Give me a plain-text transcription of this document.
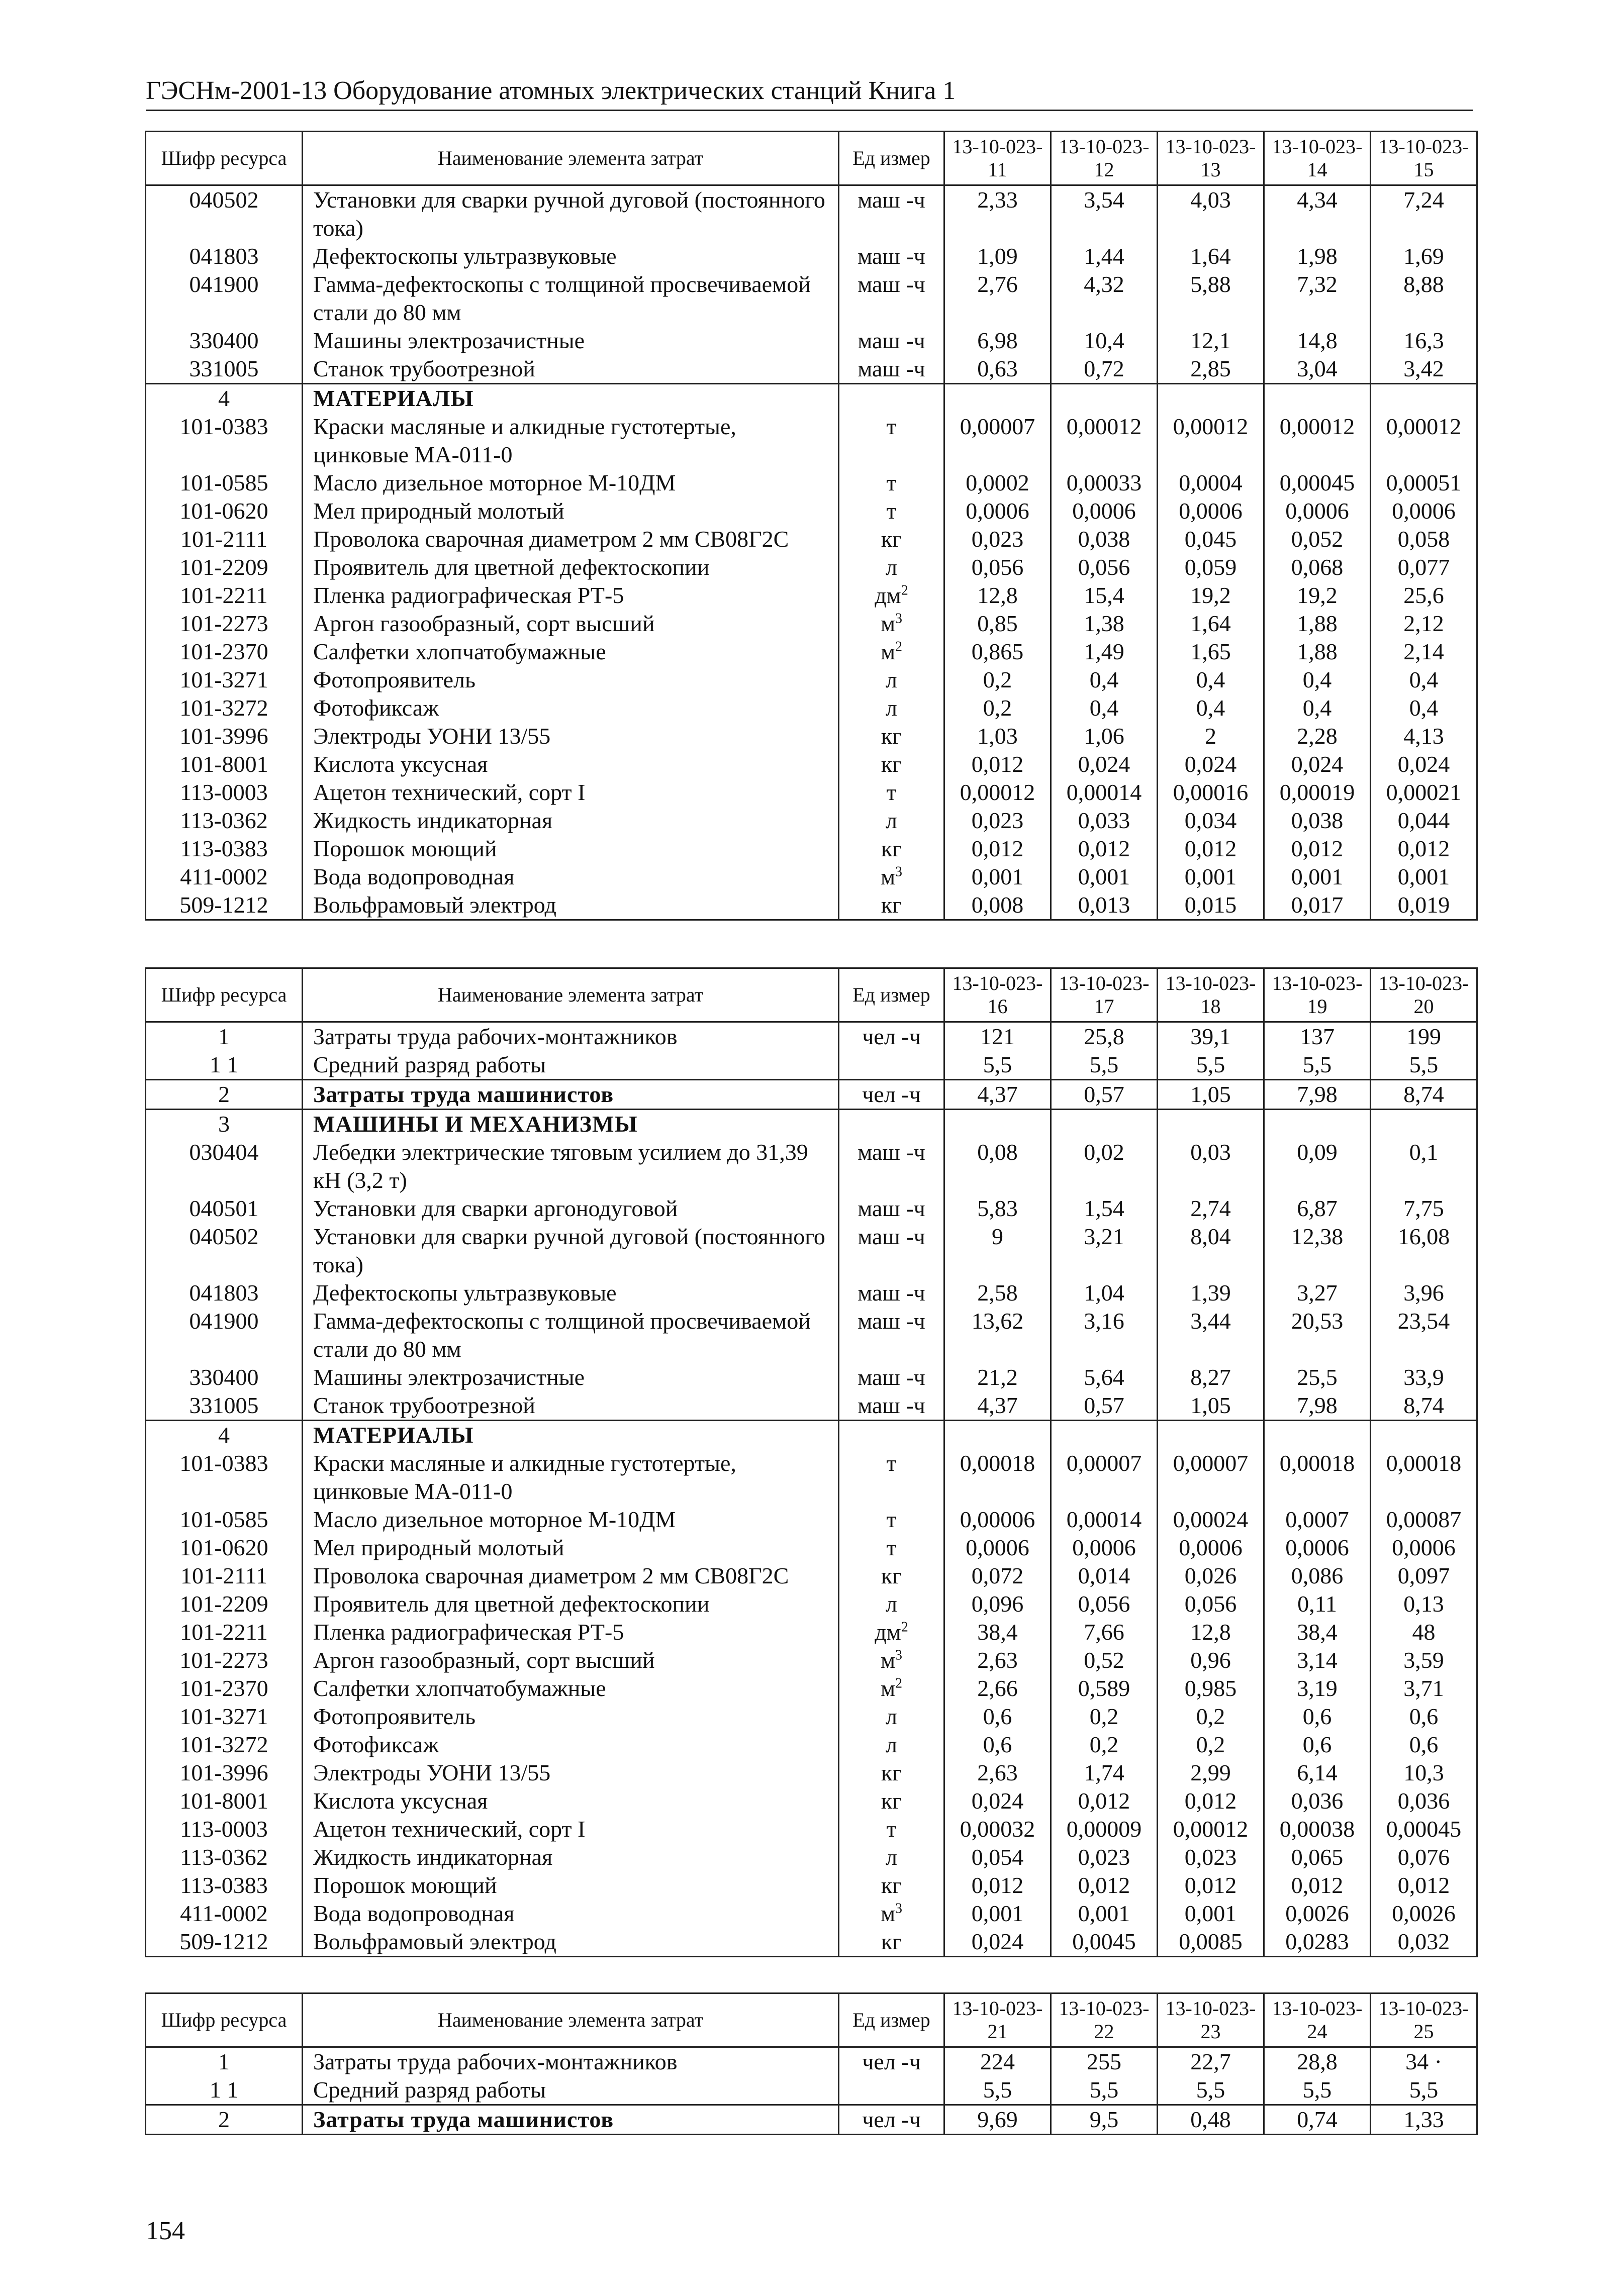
ГЭСНм-2001-13 Оборудование атомных электрических станций Книга 1
Шифр ресурса	Наименование элемента затрат	Ед измер	13-10-023-11	13-10-023-12	13-10-023-13	13-10-023-14	13-10-023-15
040502	Установки для сварки ручной дуговой (постоянного тока)	маш -ч	2,33	3,54	4,03	4,34	7,24
041803	Дефектоскопы ультразвуковые	маш -ч	1,09	1,44	1,64	1,98	1,69
041900	Гамма-дефектоскопы с толщиной просвечиваемой стали до 80 мм	маш -ч	2,76	4,32	5,88	7,32	8,88
330400	Машины электрозачистные	маш -ч	6,98	10,4	12,1	14,8	16,3
331005	Станок трубоотрезной	маш -ч	0,63	0,72	2,85	3,04	3,42
4	МАТЕРИАЛЫ						
101-0383	Краски масляные и алкидные густотертые, цинковые МА-011-0	т	0,00007	0,00012	0,00012	0,00012	0,00012
101-0585	Масло дизельное моторное М-10ДМ	т	0,0002	0,00033	0,0004	0,00045	0,00051
101-0620	Мел природный молотый	т	0,0006	0,0006	0,0006	0,0006	0,0006
101-2111	Проволока сварочная диаметром 2 мм СВ08Г2С	кг	0,023	0,038	0,045	0,052	0,058
101-2209	Проявитель для цветной дефектоскопии	л	0,056	0,056	0,059	0,068	0,077
101-2211	Пленка радиографическая РТ-5	$дм^2$	12,8	15,4	19,2	19,2	25,6
101-2273	Аргон газообразный, сорт высший	$м^3$	0,85	1,38	1,64	1,88	2,12
101-2370	Салфетки хлопчатобумажные	$м^2$	0,865	1,49	1,65	1,88	2,14
101-3271	Фотопроявитель	л	0,2	0,4	0,4	0,4	0,4
101-3272	Фотофиксаж	л	0,2	0,4	0,4	0,4	0,4
101-3996	Электроды УОНИ 13/55	кг	1,03	1,06	2	2,28	4,13
101-8001	Кислота уксусная	кг	0,012	0,024	0,024	0,024	0,024
113-0003	Ацетон технический, сорт I	т	0,00012	0,00014	0,00016	0,00019	0,00021
113-0362	Жидкость индикаторная	л	0,023	0,033	0,034	0,038	0,044
113-0383	Порошок моющий	кг	0,012	0,012	0,012	0,012	0,012
411-0002	Вода водопроводная	$м^3$	0,001	0,001	0,001	0,001	0,001
509-1212	Вольфрамовый электрод	кг	0,008	0,013	0,015	0,017	0,019
Шифр ресурса	Наименование элемента затрат	Ед измер	13-10-023-16	13-10-023-17	13-10-023-18	13-10-023-19	13-10-023-20
1	Затраты труда рабочих-монтажников	чел -ч	121	25,8	39,1	137	199
1 1	Средний разряд работы		5,5	5,5	5,5	5,5	5,5
2	Затраты труда машинистов	чел -ч	4,37	0,57	1,05	7,98	8,74
3	МАШИНЫ И МЕХАНИЗМЫ						
030404	Лебедки электрические тяговым усилием до 31,39 кН (3,2 т)	маш -ч	0,08	0,02	0,03	0,09	0,1
040501	Установки для сварки аргонодуговой	маш -ч	5,83	1,54	2,74	6,87	7,75
040502	Установки для сварки ручной дуговой (постоянного тока)	маш -ч	9	3,21	8,04	12,38	16,08
041803	Дефектоскопы ультразвуковые	маш -ч	2,58	1,04	1,39	3,27	3,96
041900	Гамма-дефектоскопы с толщиной просвечиваемой стали до 80 мм	маш -ч	13,62	3,16	3,44	20,53	23,54
330400	Машины электрозачистные	маш -ч	21,2	5,64	8,27	25,5	33,9
331005	Станок трубоотрезной	маш -ч	4,37	0,57	1,05	7,98	8,74
4	МАТЕРИАЛЫ						
101-0383	Краски масляные и алкидные густотертые, цинковые МА-011-0	т	0,00018	0,00007	0,00007	0,00018	0,00018
101-0585	Масло дизельное моторное М-10ДМ	т	0,00006	0,00014	0,00024	0,0007	0,00087
101-0620	Мел природный молотый	т	0,0006	0,0006	0,0006	0,0006	0,0006
101-2111	Проволока сварочная диаметром 2 мм СВ08Г2С	кг	0,072	0,014	0,026	0,086	0,097
101-2209	Проявитель для цветной дефектоскопии	л	0,096	0,056	0,056	0,11	0,13
101-2211	Пленка радиографическая РТ-5	$дм^2$	38,4	7,66	12,8	38,4	48
101-2273	Аргон газообразный, сорт высший	$м^3$	2,63	0,52	0,96	3,14	3,59
101-2370	Салфетки хлопчатобумажные	$м^2$	2,66	0,589	0,985	3,19	3,71
101-3271	Фотопроявитель	л	0,6	0,2	0,2	0,6	0,6
101-3272	Фотофиксаж	л	0,6	0,2	0,2	0,6	0,6
101-3996	Электроды УОНИ 13/55	кг	2,63	1,74	2,99	6,14	10,3
101-8001	Кислота уксусная	кг	0,024	0,012	0,012	0,036	0,036
113-0003	Ацетон технический, сорт I	т	0,00032	0,00009	0,00012	0,00038	0,00045
113-0362	Жидкость индикаторная	л	0,054	0,023	0,023	0,065	0,076
113-0383	Порошок моющий	кг	0,012	0,012	0,012	0,012	0,012
411-0002	Вода водопроводная	$м^3$	0,001	0,001	0,001	0,0026	0,0026
509-1212	Вольфрамовый электрод	кг	0,024	0,0045	0,0085	0,0283	0,032
Шифр ресурса	Наименование элемента затрат	Ед измер	13-10-023-21	13-10-023-22	13-10-023-23	13-10-023-24	13-10-023-25
1	Затраты труда рабочих-монтажников	чел -ч	224	255	22,7	28,8	34 ·
1 1	Средний разряд работы		5,5	5,5	5,5	5,5	5,5
2	Затраты труда машинистов	чел -ч	9,69	9,5	0,48	0,74	1,33
154
